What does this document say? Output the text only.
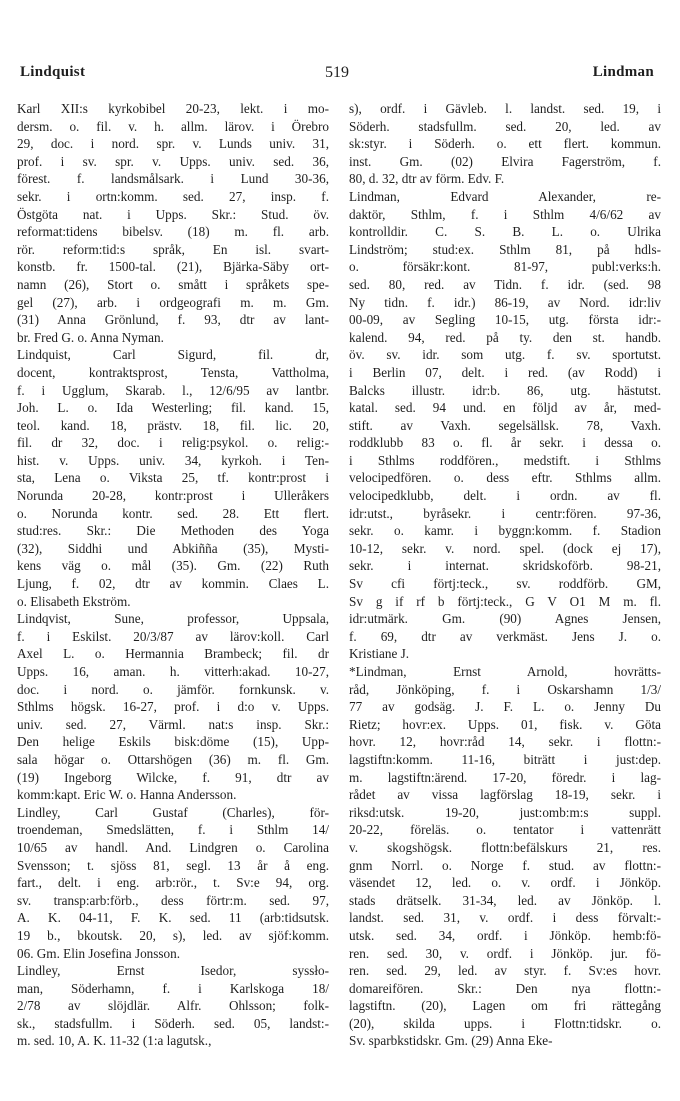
Lindquist	519	Lindman
Karl XII:s kyrkobibel 20-23, lekt. i mo-
dersm. o. fil. v. h. allm. lärov. i Örebro
29, doc. i nord. spr. v. Lunds univ. 31,
prof. i sv. spr. v. Upps. univ. sed. 36,
förest. f. landsmålsark. i Lund 30-36,
sekr. i ortn:komm. sed. 27, insp. f.
Östgöta nat. i Upps. Skr.: Stud. öv.
reformat:tidens bibelsv. (18) m. fl. arb.
rör. reform:tid:s språk, En isl. svart-
konstb. fr. 1500-tal. (21), Bjärka-Säby ort-
namn (26), Stort o. smått i språkets spe-
gel (27), arb. i ordgeografi m. m. Gm.
(31) Anna Grönlund, f. 93, dtr av lant-
br. Fred G. o. Anna Nyman.
Lindquist, Carl Sigurd, fil. dr,
docent, kontraktsprost, Tensta, Vattholma,
f. i Ugglum, Skarab. l., 12/6/95 av lantbr.
Joh. L. o. Ida Westerling; fil. kand. 15,
teol. kand. 18, prästv. 18, fil. lic. 20,
fil. dr 32, doc. i relig:psykol. o. relig:-
hist. v. Upps. univ. 34, kyrkoh. i Ten-
sta, Lena o. Viksta 25, tf. kontr:prost i
Norunda 20-28, kontr:prost i Ulleråkers
o. Norunda kontr. sed. 28. Ett flert.
stud:res. Skr.: Die Methoden des Yoga
(32), Siddhi und Abkiñña (35), Mysti-
kens väg o. mål (35). Gm. (22) Ruth
Ljung, f. 02, dtr av kommin. Claes L.
o. Elisabeth Ekström.
Lindqvist, Sune, professor, Uppsala,
f. i Eskilst. 20/3/87 av lärov:koll. Carl
Axel L. o. Hermannia Brambeck; fil. dr
Upps. 16, aman. h. vitterh:akad. 10-27,
doc. i nord. o. jämför. fornkunsk. v.
Sthlms högsk. 16-27, prof. i d:o v. Upps.
univ. sed. 27, Värml. nat:s insp. Skr.:
Den helige Eskils bisk:döme (15), Upp-
sala högar o. Ottarshögen (36) m. fl. Gm.
(19) Ingeborg Wilcke, f. 91, dtr av
komm:kapt. Eric W. o. Hanna Andersson.
Lindley, Carl Gustaf (Charles), för-
troendeman, Smedslätten, f. i Sthlm 14/
10/65 av handl. And. Lindgren o. Carolina
Svensson; t. sjöss 81, segl. 13 år å eng.
fart., delt. i eng. arb:rör., t. Sv:e 94, org.
sv. transp:arb:förb., dess förtr:m. sed. 97,
A. K. 04-11, F. K. sed. 11 (arb:tidsutsk.
19 b., bkoutsk. 20, s), led. av sjöf:komm.
06. Gm. Elin Josefina Jonsson.
Lindley, Ernst Isedor, syssło-
man, Söderhamn, f. i Karlskoga 18/
2/78 av slöjdlär. Alfr. Ohlsson; folk-
sk., stadsfullm. i Söderh. sed. 05, landst:-
m. sed. 10, A. K. 11-32 (1:a lagutsk.,
s), ordf. i Gävleb. l. landst. sed. 19, i
Söderh. stadsfullm. sed. 20, led. av
sk:styr. i Söderh. o. ett flert. kommun.
inst. Gm. (02) Elvira Fagerström, f.
80, d. 32, dtr av förm. Edv. F.
Lindman, Edvard Alexander, re-
daktör, Sthlm, f. i Sthlm 4/6/62 av
kontrolldir. C. S. B. L. o. Ulrika
Lindström; stud:ex. Sthlm 81, på hdls-
o. försäkr:kont. 81-97, publ:verks:h.
sed. 80, red. av Tidn. f. idr. (sed. 98
Ny tidn. f. idr.) 86-19, av Nord. idr:liv
00-09, av Segling 10-15, utg. första idr:-
kalend. 94, red. på ty. den st. handb.
öv. sv. idr. som utg. f. sv. sportutst.
i Berlin 07, delt. i red. (av Rodd) i
Balcks illustr. idr:b. 86, utg. hästutst.
katal. sed. 94 und. en följd av år, med-
stift. av Vaxh. segelsällsk. 78, Vaxh.
roddklubb 83 o. fl. år sekr. i dessa o.
i Sthlms roddfören., medstift. i Sthlms
velocipedfören. o. dess eftr. Sthlms allm.
velocipedklubb, delt. i ordn. av fl.
idr:utst., byråsekr. i centr:fören. 97-36,
sekr. o. kamr. i byggn:komm. f. Stadion
10-12, sekr. v. nord. spel. (dock ej 17),
sekr. i internat. skridskoförb. 98-21,
Sv cfi förtj:teck., sv. roddförb. GM,
Sv g if rf b förtj:teck., G V O1 M m. fl.
idr:utmärk. Gm. (90) Agnes Jensen,
f. 69, dtr av verkmäst. Jens J. o.
Kristiane J.
*Lindman, Ernst Arnold, hovrätts-
råd, Jönköping, f. i Oskarshamn 1/3/
77 av godsäg. J. F. L. o. Jenny Du
Rietz; hovr:ex. Upps. 01, fisk. v. Göta
hovr. 12, hovr:råd 14, sekr. i flottn:-
lagstiftn:komm. 11-16, biträtt i just:dep.
m. lagstiftn:ärend. 17-20, föredr. i lag-
rådet av vissa lagförslag 18-19, sekr. i
riksd:utsk. 19-20, just:omb:m:s suppl.
20-22, föreläs. o. tentator i vattenrätt
v. skogshögsk. flottn:befälskurs 21, res.
gnm Norrl. o. Norge f. stud. av flottn:-
väsendet 12, led. o. v. ordf. i Jönköp.
stads drätselk. 31-34, led. av Jönköp. l.
landst. sed. 31, v. ordf. i dess förvalt:-
utsk. sed. 34, ordf. i Jönköp. hemb:fö-
ren. sed. 30, v. ordf. i Jönköp. jur. fö-
ren. sed. 29, led. av styr. f. Sv:es hovr.
domareifören. Skr.: Den nya flottn:-
lagstiftn. (20), Lagen om fri rättegång
(20), skilda upps. i Flottn:tidskr. o.
Sv. sparbkstidskr. Gm. (29) Anna Eke-
